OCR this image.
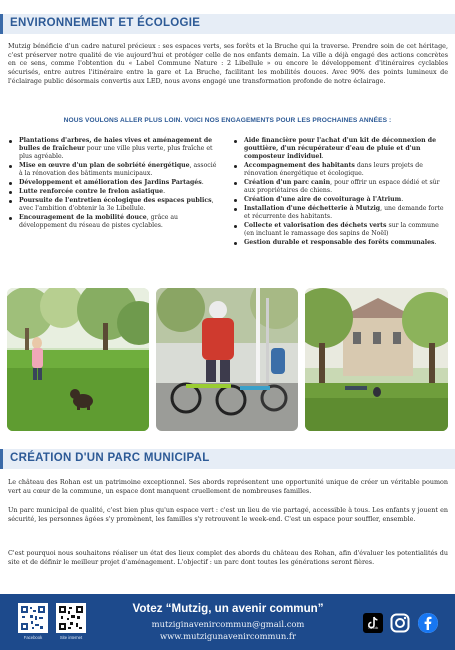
ENVIRONNEMENT ET ÉCOLOGIE

Mutzig bénéficie d'un cadre naturel précieux : ses espaces verts, ses forêts et la Bruche qui la traverse. Prendre soin de cet héritage, c'est préserver notre qualité de vie aujourd'hui et protéger celle de nos enfants demain. La ville a déjà engagé des actions concrètes en ce sens, comme l'obtention du « Label Commune Nature : 2 Libellule » ou encore le développement d'itinéraires cyclables sécurisés, entre autres l'itinéraire entre la gare et La Bruche, facilitant les mobilités douces. Avec 90% des points lumineux de l'éclairage public désormais convertis aux LED, nous avons engagé une transformation profonde de notre éclairage.

NOUS VOULONS ALLER PLUS LOIN. VOICI NOS ENGAGEMENTS POUR LES PROCHAINES ANNÉES :
Plantations d'arbres, de haies vives et aménagement de bulles de fraîcheur pour une ville plus verte, plus fraîche et plus agréable.
Mise en œuvre d'un plan de sobriété énergétique, associé à la rénovation des bâtiments municipaux.
Développement et amélioration des Jardins Partagés.
Lutte renforcée contre le frelon asiatique.
Poursuite de l'entretien écologique des espaces publics, avec l'ambition d'obtenir la 3e Libellule.
Encouragement de la mobilité douce, grâce au développement du réseau de pistes cyclables.
Aide financière pour l'achat d'un kit de déconnexion de gouttière, d'un récupérateur d'eau de pluie et d'un composteur individuel.
Accompagnement des habitants dans leurs projets de rénovation énergétique et écologique.
Création d'un parc canin, pour offrir un espace dédié et sûr aux propriétaires de chiens.
Création d'une aire de covoiturage à l'Atrium.
Installation d'une déchetterie à Mutzig, une demande forte et récurrente des habitants.
Collecte et valorisation des déchets verts sur la commune (en incluant le ramassage des sapins de Noël)
Gestion durable et responsable des forêts communales.
CRÉATION D'UN PARC MUNICIPAL

Le château des Rohan est un patrimoine exceptionnel. Ses abords représentent une opportunité unique de créer un véritable poumon vert au cœur de la commune, un espace dont manquent cruellement de nombreuses familles.

Un parc municipal de qualité, c'est bien plus qu'un espace vert : c'est un lieu de vie partagé, accessible à tous. Les enfants y jouent en sécurité, les personnes âgées s'y promènent, les familles s'y retrouvent le week-end. C'est un espace pour souffler, ensemble.

C'est pourquoi nous souhaitons réaliser un état des lieux complet des abords du château des Rohan, afin d'évaluer les potentialités du site et de définir le meilleur projet d'aménagement. L'objectif : un parc dont toutes les générations seront fières.

Facebook	Site internet
Votez “Mutzig, un avenir commun”
mutziginavenircommun@gmail.com
www.mutzigunavenircommun.fr
TikTok
